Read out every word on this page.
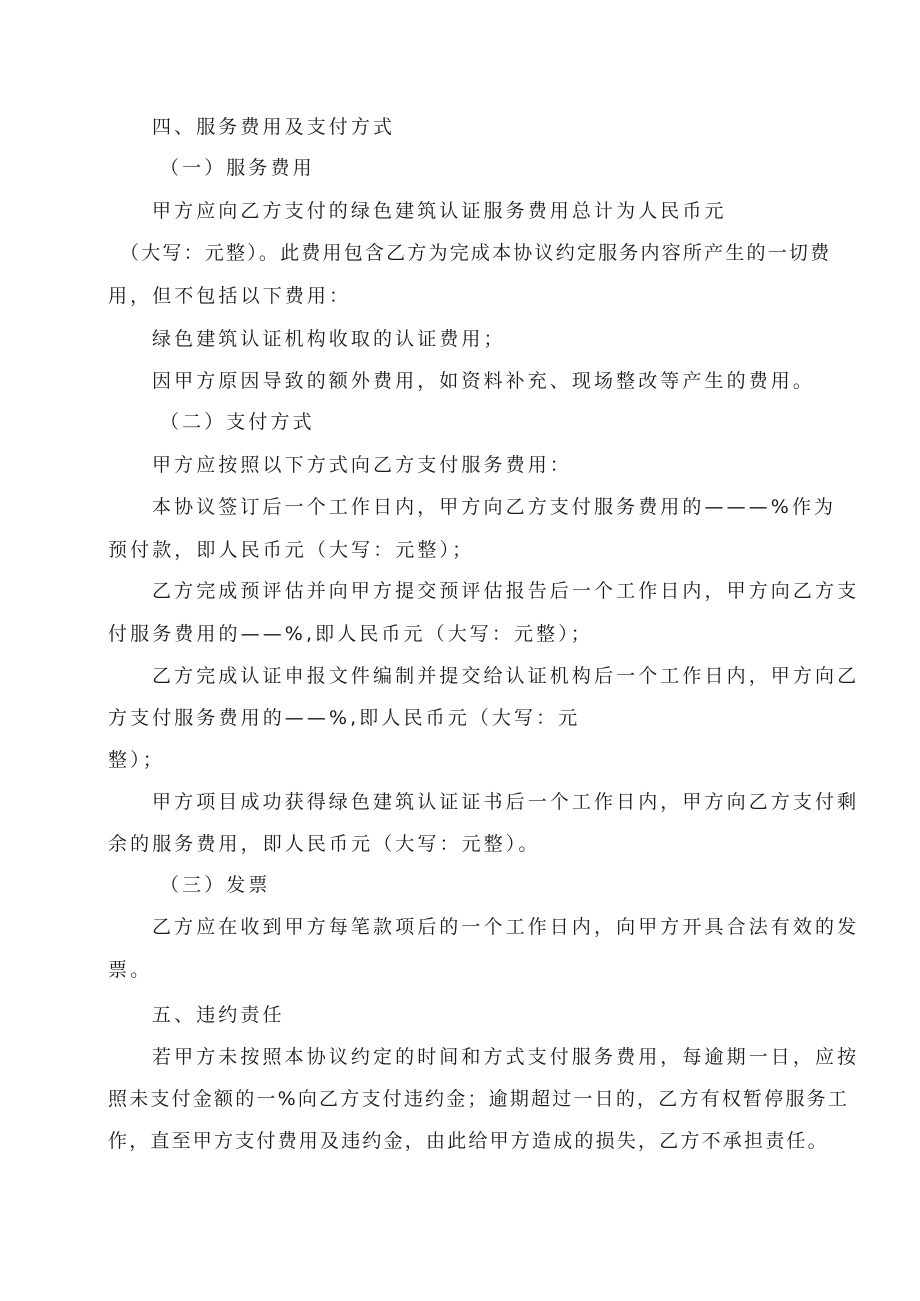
四、服务费用及支付方式
（一）服务费用
甲方应向乙方支付的绿色建筑认证服务费用总计为人民币元
（大写：元整）。此费用包含乙方为完成本协议约定服务内容所产生的一切费
用，但不包括以下费用：
绿色建筑认证机构收取的认证费用；
因甲方原因导致的额外费用，如资料补充、现场整改等产生的费用。
（二）支付方式
甲方应按照以下方式向乙方支付服务费用：
本协议签订后一个工作日内，甲方向乙方支付服务费用的———%作为
预付款，即人民币元（大写：元整）；
乙方完成预评估并向甲方提交预评估报告后一个工作日内，甲方向乙方支
付服务费用的——%,即人民币元（大写：元整）；
乙方完成认证申报文件编制并提交给认证机构后一个工作日内，甲方向乙
方支付服务费用的——%,即人民币元（大写：元
整）；
甲方项目成功获得绿色建筑认证证书后一个工作日内，甲方向乙方支付剩
余的服务费用，即人民币元（大写：元整）。
（三）发票
乙方应在收到甲方每笔款项后的一个工作日内，向甲方开具合法有效的发
票。
五、违约责任
若甲方未按照本协议约定的时间和方式支付服务费用，每逾期一日，应按
照未支付金额的一%向乙方支付违约金；逾期超过一日的，乙方有权暂停服务工
作，直至甲方支付费用及违约金，由此给甲方造成的损失，乙方不承担责任。
